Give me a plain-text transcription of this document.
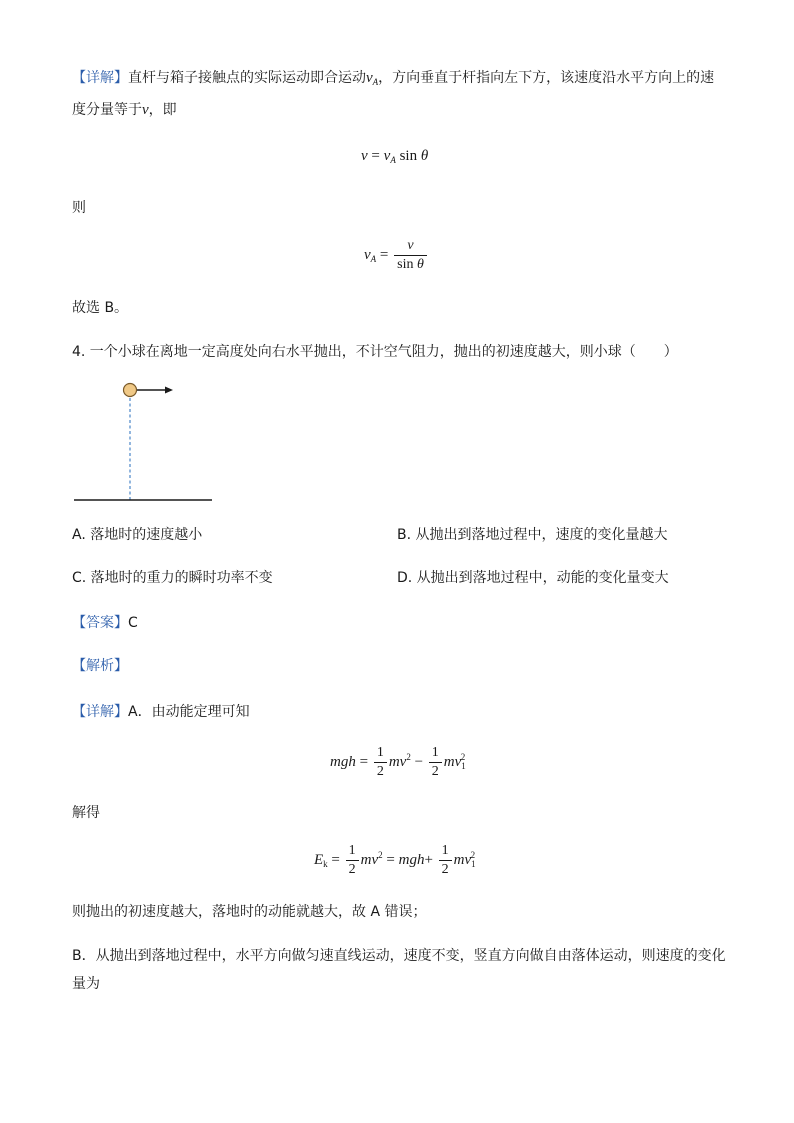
【详解】直杆与箱子接触点的实际运动即合运动$v_A$，方向垂直于杆指向左下方，该速度沿水平方向上的速
度分量等于v，即
$v = v_A$ sin θ
则
$v_A = \frac{v}{\text{sin θ}}$
故选 B。
4. 一个小球在离地一定高度处向右水平抛出，不计空气阻力，抛出的初速度越大，则小球（　　）
A. 落地时的速度越小	B. 从抛出到落地过程中，速度的变化量越大
C. 落地时的重力的瞬时功率不变	D. 从抛出到落地过程中，动能的变化量变大
【答案】C
【解析】
【详解】A．由动能定理可知
mgh = $\frac{1}{2} mv^2 - \frac{1}{2} mv_1^2$
解得
$E_k = \frac{1}{2} mv^2 = mgh+ \frac{1}{2} mv_1^2$
则抛出的初速度越大，落地时的动能就越大，故 A 错误；
B．从抛出到落地过程中，水平方向做匀速直线运动，速度不变，竖直方向做自由落体运动，则速度的变化
量为
